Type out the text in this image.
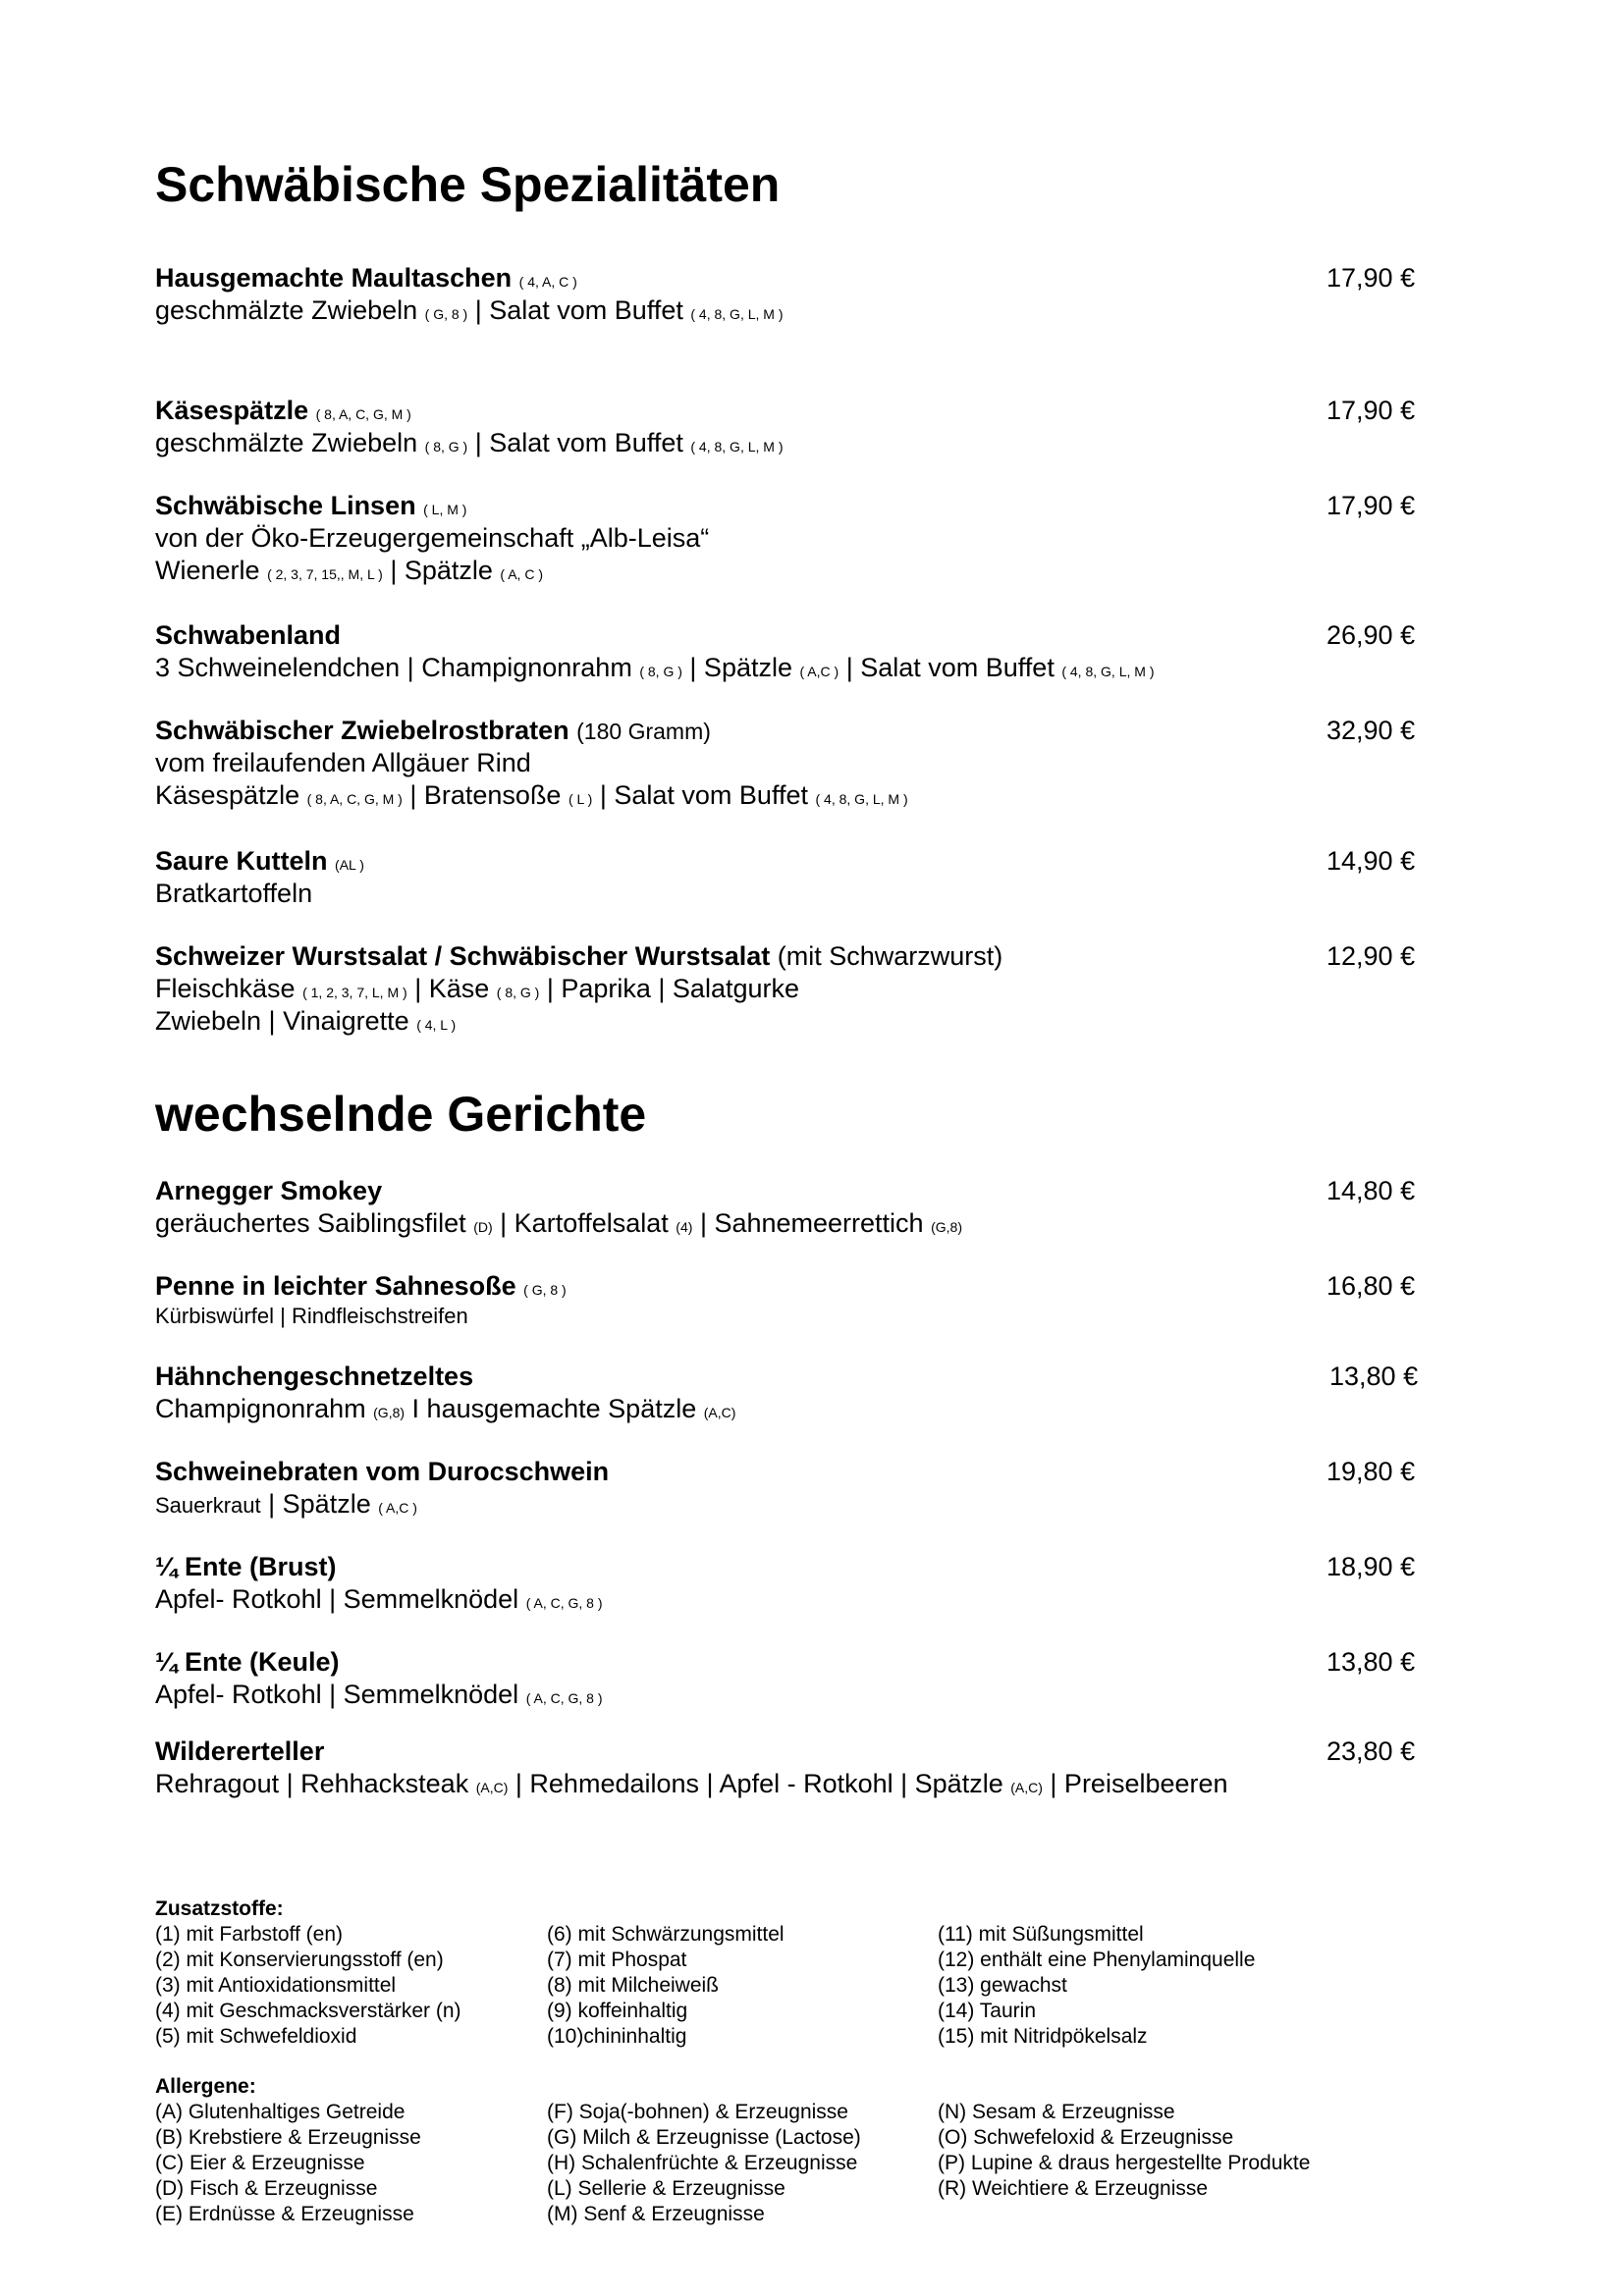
Schwäbische Spezialitäten
Hausgemachte Maultaschen ( 4, A, C )	17,90 €
geschmälzte Zwiebeln ( G, 8 ) | Salat vom Buffet ( 4, 8, G, L, M )
Käsespätzle ( 8, A, C, G, M )	17,90 €
geschmälzte Zwiebeln ( 8, G ) | Salat vom Buffet ( 4, 8, G, L, M )
Schwäbische Linsen ( L, M )	17,90 €
von der Öko-Erzeugergemeinschaft „Alb-Leisa“
Wienerle ( 2, 3, 7, 15,, M, L ) | Spätzle ( A, C )
Schwabenland	26,90 €
3 Schweinelendchen | Champignonrahm ( 8, G ) | Spätzle ( A,C ) | Salat vom Buffet ( 4, 8, G, L, M )
Schwäbischer Zwiebelrostbraten (180 Gramm)	32,90 €
vom freilaufenden Allgäuer Rind
Käsespätzle ( 8, A, C, G, M ) | Bratensoße ( L ) | Salat vom Buffet ( 4, 8, G, L, M )
Saure Kutteln (AL )	14,90 €
Bratkartoffeln
Schweizer Wurstsalat / Schwäbischer Wurstsalat (mit Schwarzwurst)	12,90 €
Fleischkäse ( 1, 2, 3, 7, L, M ) | Käse ( 8, G ) | Paprika | Salatgurke
Zwiebeln | Vinaigrette ( 4, L )
wechselnde Gerichte
Arnegger Smokey	14,80 €
geräuchertes Saiblingsfilet (D) | Kartoffelsalat (4) | Sahnemeerrettich (G,8)
Penne in leichter Sahnesoße ( G, 8 )	16,80 €
Kürbiswürfel | Rindfleischstreifen
Hähnchengeschnetzeltes	13,80 €
Champignonrahm (G,8) I hausgemachte Spätzle (A,C)
Schweinebraten vom Durocschwein	19,80 €
Sauerkraut | Spätzle ( A,C )
¼ Ente (Brust)	18,90 €
Apfel- Rotkohl | Semmelknödel ( A, C, G, 8 )
¼ Ente (Keule)	13,80 €
Apfel- Rotkohl | Semmelknödel ( A, C, G, 8 )
Wildererteller	23,80 €
Rehragout | Rehhacksteak (A,C) | Rehmedailons | Apfel - Rotkohl | Spätzle (A,C) | Preiselbeeren
Zusatzstoffe:
(1) mit Farbstoff (en)
(2) mit Konservierungsstoff (en)
(3) mit Antioxidationsmittel
(4) mit Geschmacksverstärker (n)
(5) mit Schwefeldioxid
(6) mit Schwärzungsmittel
(7) mit Phospat
(8) mit Milcheiweiß
(9) koffeinhaltig
(10)chininhaltig
(11) mit Süßungsmittel
(12) enthält eine Phenylaminquelle
(13) gewachst
(14) Taurin
(15) mit Nitridpökelsalz
Allergene:
(A) Glutenhaltiges Getreide
(B) Krebstiere & Erzeugnisse
(C) Eier & Erzeugnisse
(D) Fisch & Erzeugnisse
(E) Erdnüsse & Erzeugnisse
(F) Soja(-bohnen) & Erzeugnisse
(G) Milch & Erzeugnisse (Lactose)
(H) Schalenfrüchte & Erzeugnisse
(L) Sellerie & Erzeugnisse
(M) Senf & Erzeugnisse
(N) Sesam & Erzeugnisse
(O) Schwefeloxid & Erzeugnisse
(P) Lupine & draus hergestellte Produkte
(R) Weichtiere & Erzeugnisse
